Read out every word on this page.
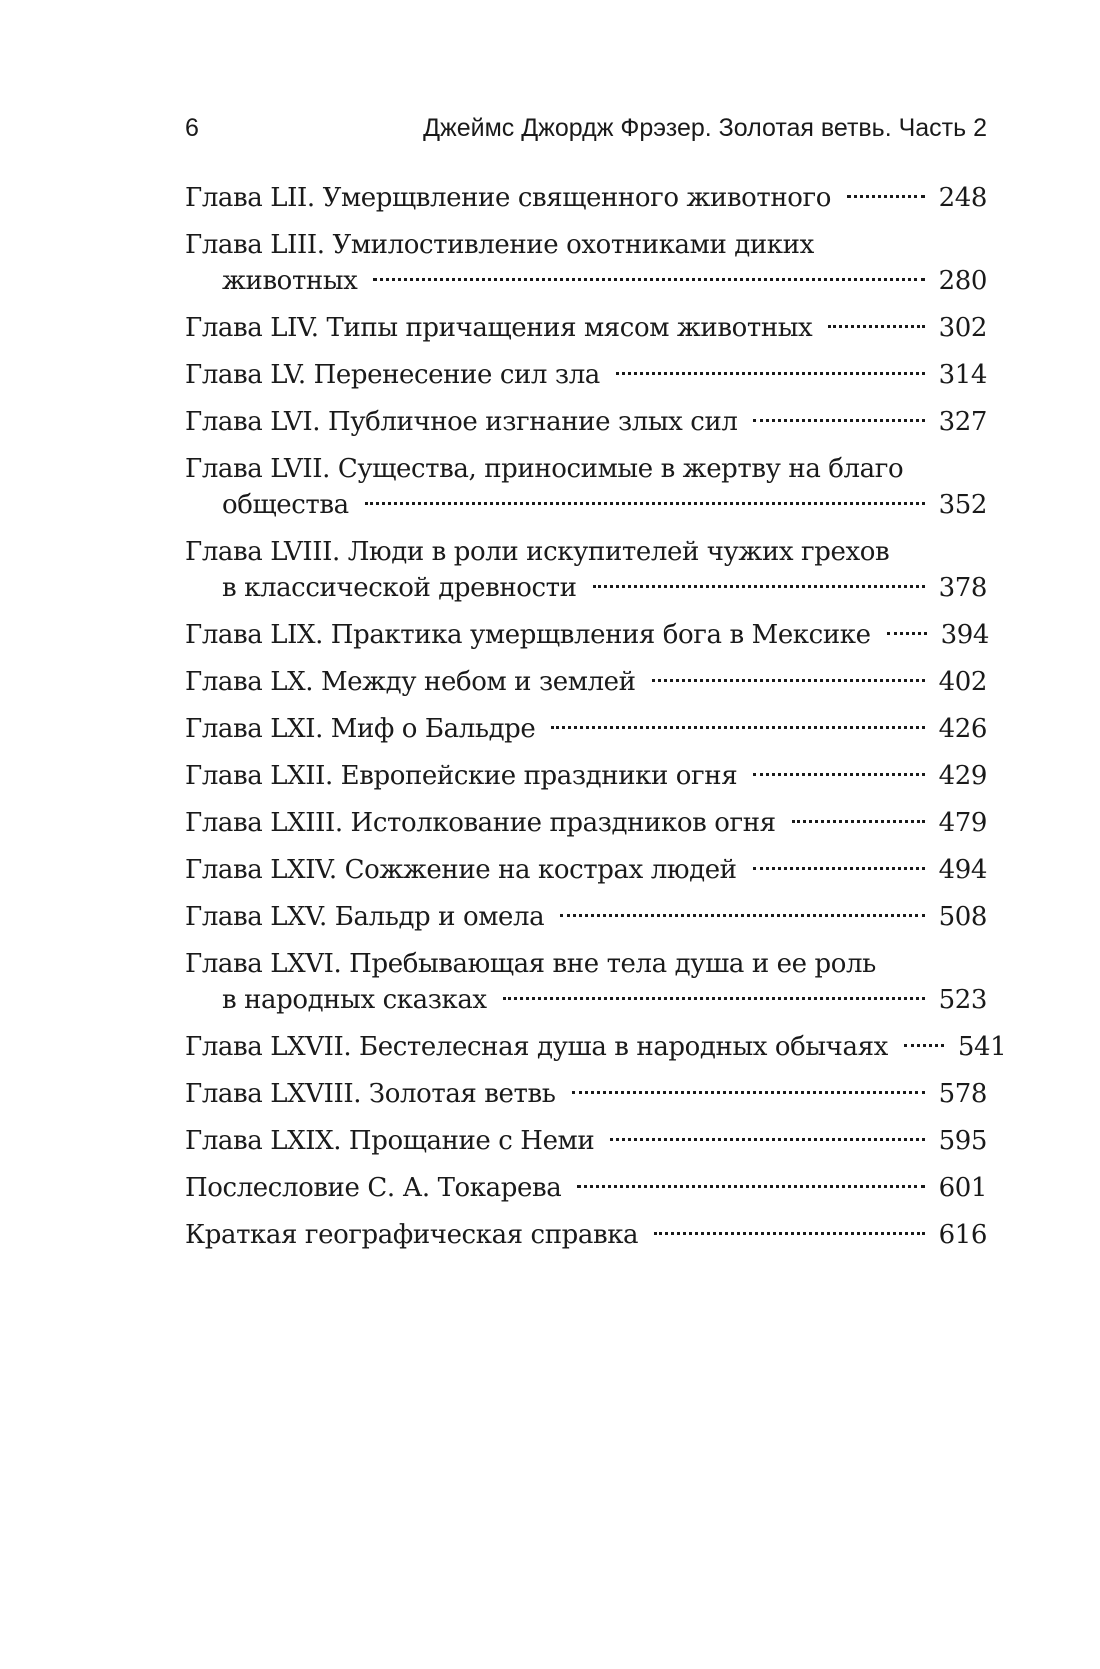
6	Джеймс Джордж Фрэзер. Золотая ветвь. Часть 2
Глава LII. Умерщвление священного животного	248
Глава LIII. Умилостивление охотниками диких
животных	280
Глава LIV. Типы причащения мясом животных	302
Глава LV. Перенесение сил зла	314
Глава LVI. Публичное изгнание злых сил	327
Глава LVII. Существа, приносимые в жертву на благо
общества	352
Глава LVIII. Люди в роли искупителей чужих грехов
в классической древности	378
Глава LIX. Практика умерщвления бога в Мексике	394
Глава LX. Между небом и землей	402
Глава LXI. Миф о Бальдре	426
Глава LXII. Европейские праздники огня	429
Глава LXIII. Истолкование праздников огня	479
Глава LXIV. Сожжение на кострах людей	494
Глава LXV. Бальдр и омела	508
Глава LXVI. Пребывающая вне тела душа и ее роль
в народных сказках	523
Глава LXVII. Бестелесная душа в народных обычаях	541
Глава LXVIII. Золотая ветвь	578
Глава LXIX. Прощание с Неми	595
Послесловие С. А. Токарева	601
Краткая географическая справка	616
